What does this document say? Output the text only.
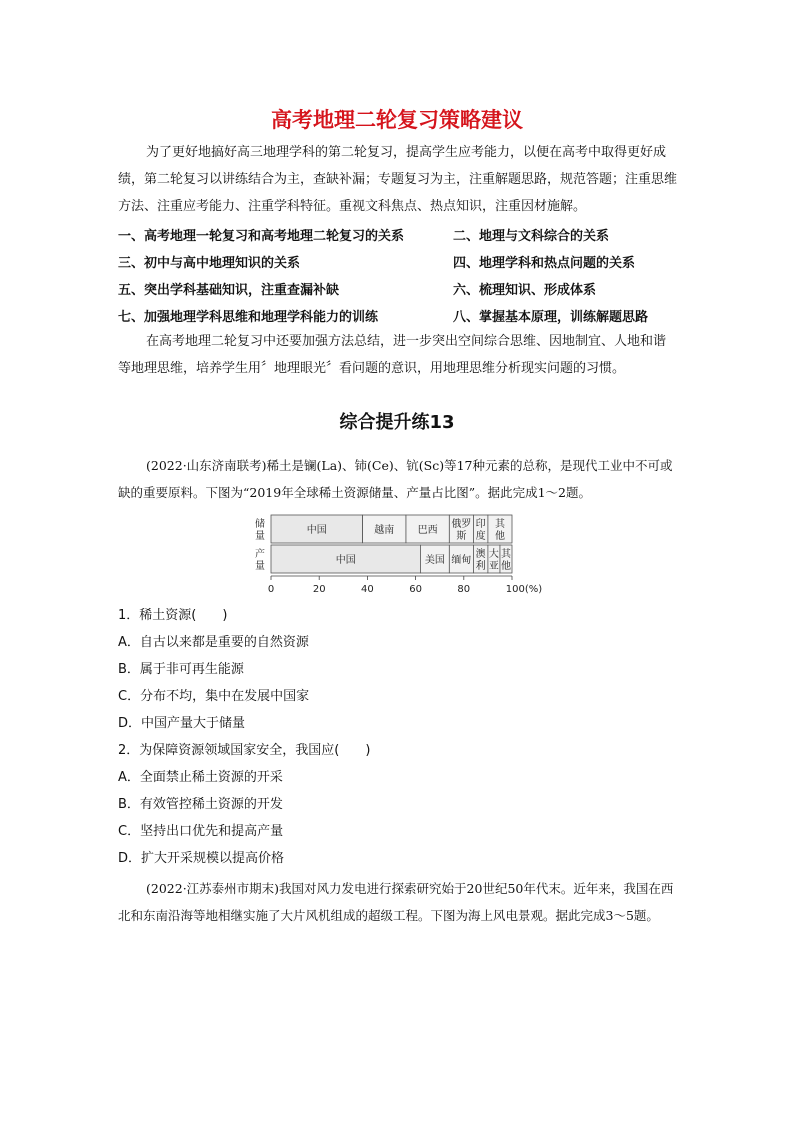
高考地理二轮复习策略建议

为了更好地搞好高三地理学科的第二轮复习，提高学生应考能力，以便在高考中取得更好成绩，第二轮复习以讲练结合为主，查缺补漏；专题复习为主，注重解题思路，规范答题；注重思维方法、注重应考能力、注重学科特征。重视文科焦点、热点知识，注重因材施解。

一、高考地理一轮复习和高考地理二轮复习的关系	二、地理与文科综合的关系
三、初中与高中地理知识的关系	四、地理学科和热点问题的关系
五、突出学科基础知识，注重查漏补缺	六、梳理知识、形成体系
七、加强地理学科思维和地理学科能力的训练	八、掌握基本原理，训练解题思路

在高考地理二轮复习中还要加强方法总结，进一步突出空间综合思维、因地制宜、人地和谐等地理思维，培养学生用〞地理眼光〞看问题的意识，用地理思维分析现实问题的习惯。

综合提升练13

(2022·山东济南联考)稀土是镧(La)、铈(Ce)、钪(Sc)等17种元素的总称，是现代工业中不可或缺的重要原料。下图为“2019年全球稀土资源储量、产量占比图”。据此完成1～2题。

储
量
中国	越南 巴西
俄罗
斯
印
度
其
他
产
量
中国	美国 缅甸
澳
利
大
亚
其
他
0	20	40	60	80	100(%)
1．稀土资源(　　)
A．自古以来都是重要的自然资源
B．属于非可再生能源
C．分布不均，集中在发展中国家
D．中国产量大于储量
2．为保障资源领域国家安全，我国应(　　)
A．全面禁止稀土资源的开采
B．有效管控稀土资源的开发
C．坚持出口优先和提高产量
D．扩大开采规模以提高价格

(2022·江苏泰州市期末)我国对风力发电进行探索研究始于20世纪50年代末。近年来，我国在西北和东南沿海等地相继实施了大片风机组成的超级工程。下图为海上风电景观。据此完成3～5题。
